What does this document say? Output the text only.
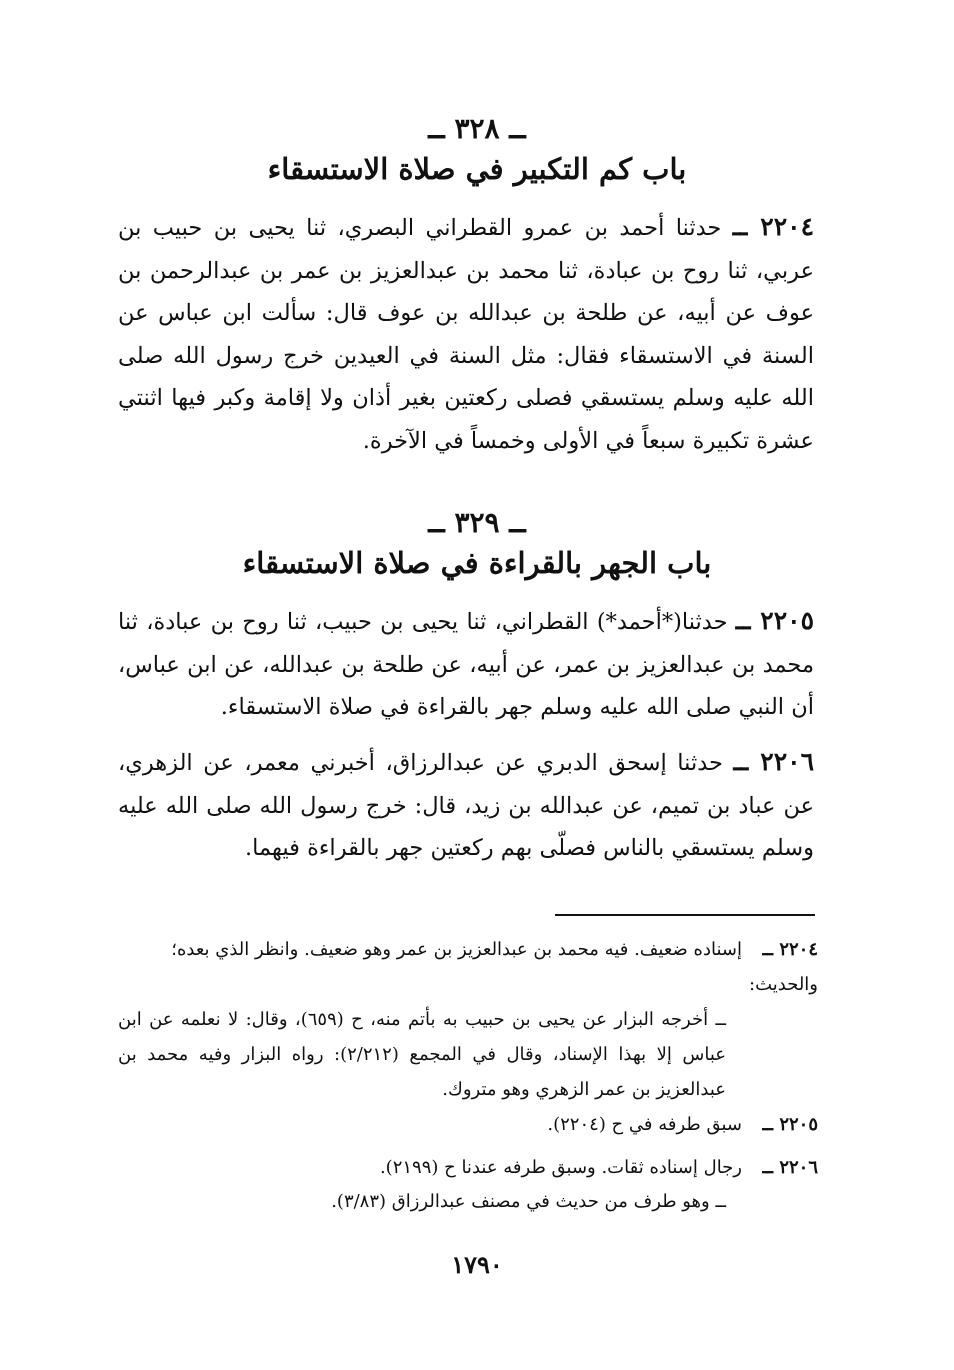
ــ ٣٢٨ ــ
باب كم التكبير في صلاة الاستسقاء
٢٢٠٤ ــ حدثنا أحمد بن عمرو القطراني البصري، ثنا يحيى بن حبيب بن عربي، ثنا روح بن عبادة، ثنا محمد بن عبدالعزيز بن عمر بن عبدالرحمن بن عوف عن أبيه، عن طلحة بن عبدالله بن عوف قال: سألت ابن عباس عن السنة في الاستسقاء فقال: مثل السنة في العيدين خرج رسول الله صلى الله عليه وسلم يستسقي فصلى ركعتين بغير أذان ولا إقامة وكبر فيها اثنتي عشرة تكبيرة سبعاً في الأولى وخمساً في الآخرة.
ــ ٣٢٩ ــ
باب الجهر بالقراءة في صلاة الاستسقاء
٢٢٠٥ ــ حدثنا(*أحمد*) القطراني، ثنا يحيى بن حبيب، ثنا روح بن عبادة، ثنا محمد بن عبدالعزيز بن عمر، عن أبيه، عن طلحة بن عبدالله، عن ابن عباس، أن النبي صلى الله عليه وسلم جهر بالقراءة في صلاة الاستسقاء.
٢٢٠٦ ــ حدثنا إسحق الدبري عن عبدالرزاق، أخبرني معمر، عن الزهري، عن عباد بن تميم، عن عبدالله بن زيد، قال: خرج رسول الله صلى الله عليه وسلم يستسقي بالناس فصلّى بهم ركعتين جهر بالقراءة فيهما.
٢٢٠٤ ــإسناده ضعيف. فيه محمد بن عبدالعزيز بن عمر وهو ضعيف. وانظر الذي بعده؛ والحديث:
ــ أخرجه البزار عن يحيى بن حبيب به بأتم منه، ح (٦٥٩)، وقال: لا نعلمه عن ابن عباس إلا بهذا الإسناد، وقال في المجمع (٢/٢١٢): رواه البزار وفيه محمد بن عبدالعزيز بن عمر الزهري وهو متروك.
٢٢٠٥ ــسبق طرفه في ح (٢٢٠٤).
٢٢٠٦ ــرجال إسناده ثقات. وسبق طرفه عندنا ح (٢١٩٩).
ــ وهو طرف من حديث في مصنف عبدالرزاق (٣/٨٣).
١٧٩٠
